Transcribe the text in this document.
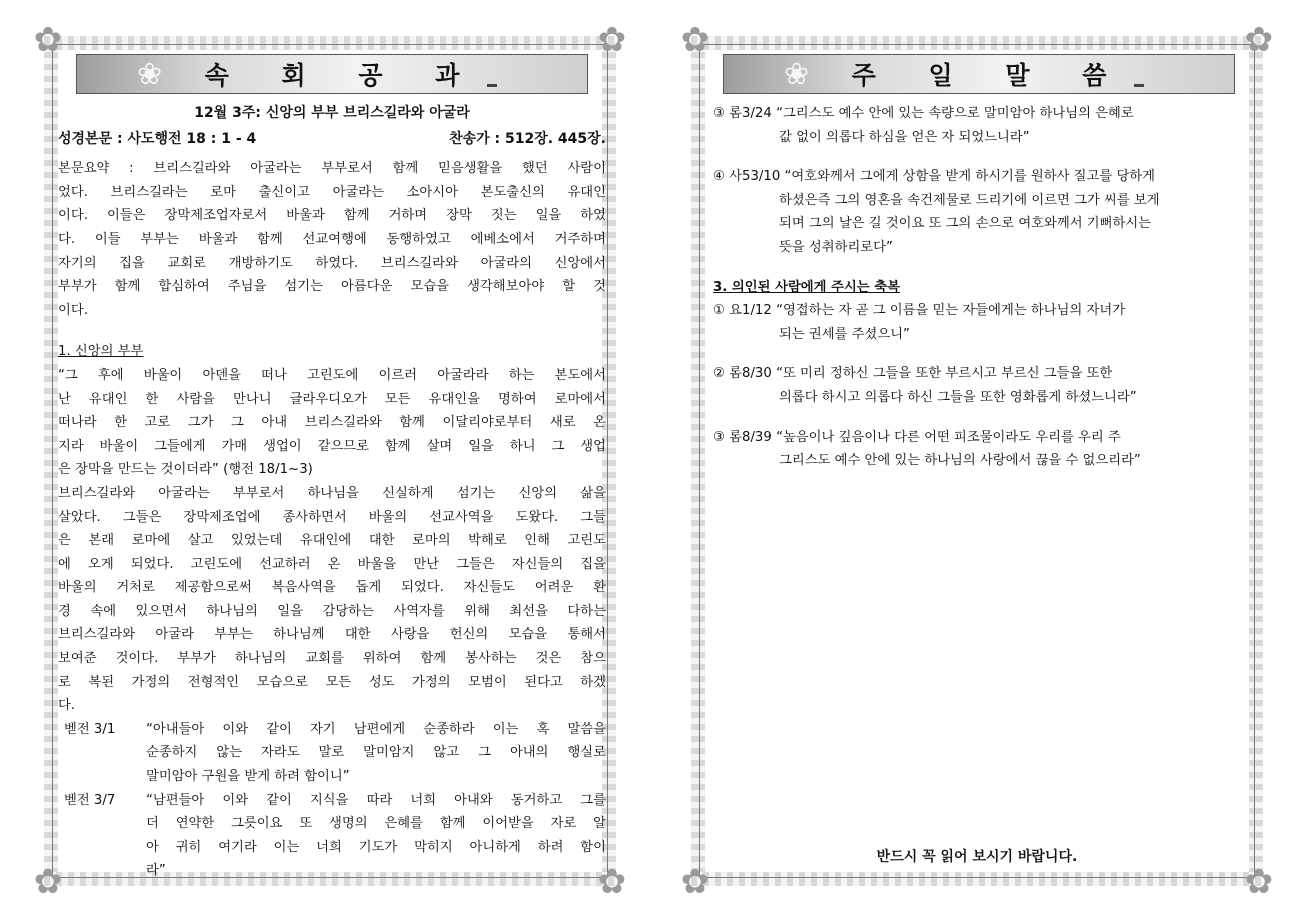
✿	✿
✿	✿
❀	속 회 공 과
12월 3주: 신앙의 부부 브리스길라와 아굴라
성경본문 : 사도행전 18 : 1 - 4	찬송가 : 512장. 445장.
본문요약 : 브리스길라와 아굴라는 부부로서 함께 믿음생활을 했던 사람이
었다. 브리스길라는 로마 출신이고 아굴라는 소아시아 본도출신의 유대인
이다. 이들은 장막제조업자로서 바울과 함께 거하며 장막 짓는 일을 하였
다. 이들 부부는 바울과 함께 선교여행에 동행하였고 에베소에서 거주하며
자기의 집을 교회로 개방하기도 하였다. 브리스길라와 아굴라의 신앙에서
부부가 함께 합심하여 주님을 섬기는 아름다운 모습을 생각해보아야 할 것
이다.
1. 신앙의 부부
“그 후에 바울이 아덴을 떠나 고린도에 이르러 아굴라라 하는 본도에서
난 유대인 한 사람을 만나니 글라우디오가 모든 유대인을 명하여 로마에서
떠나라 한 고로 그가 그 아내 브리스길라와 함께 이달리야로부터 새로 온
지라 바울이 그들에게 가매 생업이 같으므로 함께 살며 일을 하니 그 생업
은 장막을 만드는 것이더라” (행전 18/1~3)
브리스길라와 아굴라는 부부로서 하나님을 신실하게 섬기는 신앙의 삶을
살았다. 그들은 장막제조업에 종사하면서 바울의 선교사역을 도왔다. 그들
은 본래 로마에 살고 있었는데 유대인에 대한 로마의 박해로 인해 고린도
에 오게 되었다. 고린도에 선교하러 온 바울을 만난 그들은 자신들의 집을
바울의 거처로 제공함으로써 복음사역을 돕게 되었다. 자신들도 어려운 환
경 속에 있으면서 하나님의 일을 감당하는 사역자를 위해 최선을 다하는
브리스길라와 아굴라 부부는 하나님께 대한 사랑을 헌신의 모습을 통해서
보여준 것이다. 부부가 하나님의 교회를 위하여 함께 봉사하는 것은 참으
로 복된 가정의 전형적인 모습으로 모든 성도 가정의 모범이 된다고 하겠
다.
벧전 3/1	“아내들아 이와 같이 자기 남편에게 순종하라 이는 혹 말씀을
순종하지 않는 자라도 말로 말미암지 않고 그 아내의 행실로
말미암아 구원을 받게 하려 함이니”
벧전 3/7	“남편들아 이와 같이 지식을 따라 너희 아내와 동거하고 그를
더 연약한 그릇이요 또 생명의 은혜를 함께 이어받을 자로 알
아 귀히 여기라 이는 너희 기도가 막히지 아니하게 하려 함이
라”
✿	✿
✿	✿
❀	주 일 말 씀
③ 롬3/24 “그리스도 예수 안에 있는 속량으로 말미암아 하나님의 은혜로
값 없이 의롭다 하심을 얻은 자 되었느니라”
④ 사53/10 “여호와께서 그에게 상함을 받게 하시기를 원하사 질고를 당하게
하셨은즉 그의 영혼을 속건제물로 드리기에 이르면 그가 씨를 보게
되며 그의 날은 길 것이요 또 그의 손으로 여호와께서 기뻐하시는
뜻을 성취하리로다”
3. 의인된 사람에게 주시는 축복
① 요1/12 “영접하는 자 곧 그 이름을 믿는 자들에게는 하나님의 자녀가
되는 권세를 주셨으니”
② 롬8/30 “또 미리 정하신 그들을 또한 부르시고 부르신 그들을 또한
의롭다 하시고 의롭다 하신 그들을 또한 영화롭게 하셨느니라”
③ 롬8/39 “높음이나 깊음이나 다른 어떤 피조물이라도 우리를 우리 주
그리스도 예수 안에 있는 하나님의 사랑에서 끊을 수 없으리라”
반드시 꼭 읽어 보시기 바랍니다.
